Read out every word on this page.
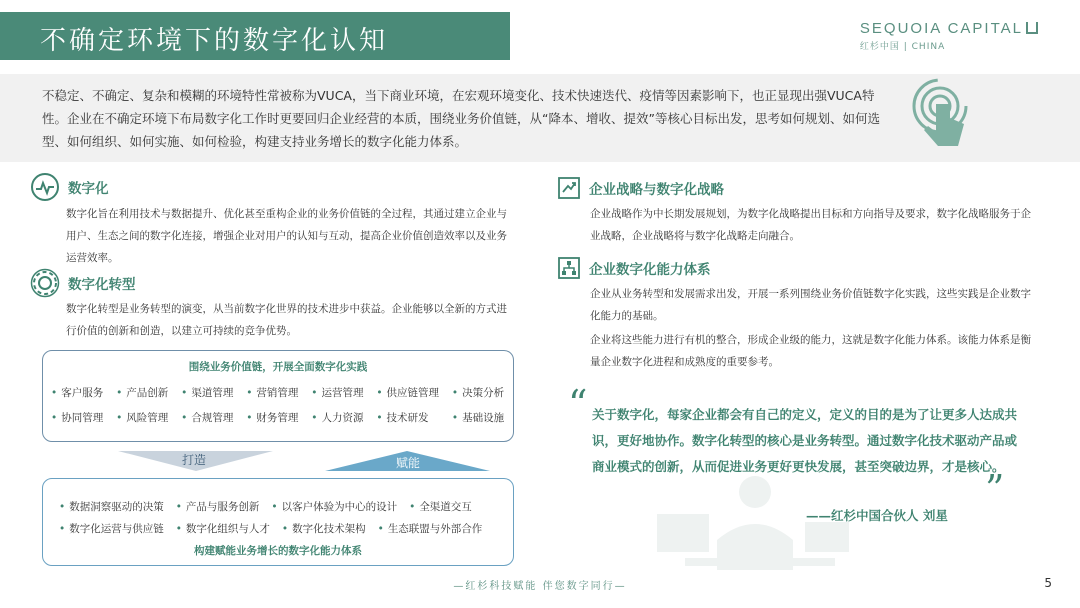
不确定环境下的数字化认知	SEQUOIA CAPITAL
红杉中国 | CHINA
不稳定、不确定、复杂和模糊的环境特性常被称为VUCA，当下商业环境，在宏观环境变化、技术快速迭代、疫情等因素影响下，也正显现出强VUCA特性。企业在不确定环境下布局数字化工作时更要回归企业经营的本质，围绕业务价值链，从“降本、增收、提效”等核心目标出发，思考如何规划、如何选型、如何组织、如何实施、如何检验，构建支持业务增长的数字化能力体系。
数字化
数字化旨在利用技术与数据提升、优化甚至重构企业的业务价值链的全过程，其通过建立企业与用户、生态之间的数字化连接，增强企业对用户的认知与互动，提高企业价值创造效率以及业务运营效率。
数字化转型
数字化转型是业务转型的演变，从当前数字化世界的技术进步中获益。企业能够以全新的方式进行价值的创新和创造，以建立可持续的竞争优势。
围绕业务价值链，开展全面数字化实践
• 客户服务	• 产品创新	• 渠道管理	• 营销管理	• 运营管理	• 供应链管理	• 决策分析
• 协同管理	• 风险管理	• 合规管理	• 财务管理	• 人力资源	• 技术研发	• 基础设施
打造	赋能
• 数据洞察驱动的决策	• 产品与服务创新	• 以客户体验为中心的设计	• 全渠道交互
• 数字化运营与供应链	• 数字化组织与人才	• 数字化技术架构	• 生态联盟与外部合作
构建赋能业务增长的数字化能力体系
企业战略与数字化战略
企业战略作为中长期发展规划，为数字化战略提出目标和方向指导及要求，数字化战略服务于企业战略，企业战略将与数字化战略走向融合。
企业数字化能力体系
企业从业务转型和发展需求出发，开展一系列围绕业务价值链数字化实践，这些实践是企业数字化能力的基础。
企业将这些能力进行有机的整合，形成企业级的能力，这就是数字化能力体系。该能力体系是衡量企业数字化进程和成熟度的重要参考。
“ 关于数字化，每家企业都会有自己的定义，定义的目的是为了让更多人达成共识，更好地协作。数字化转型的核心是业务转型。通过数字化技术驱动产品或商业模式的创新，从而促进业务更好更快发展，甚至突破边界，才是核心。
”
——红杉中国合伙人 刘星
—红杉科技赋能 伴您数字同行—	5
